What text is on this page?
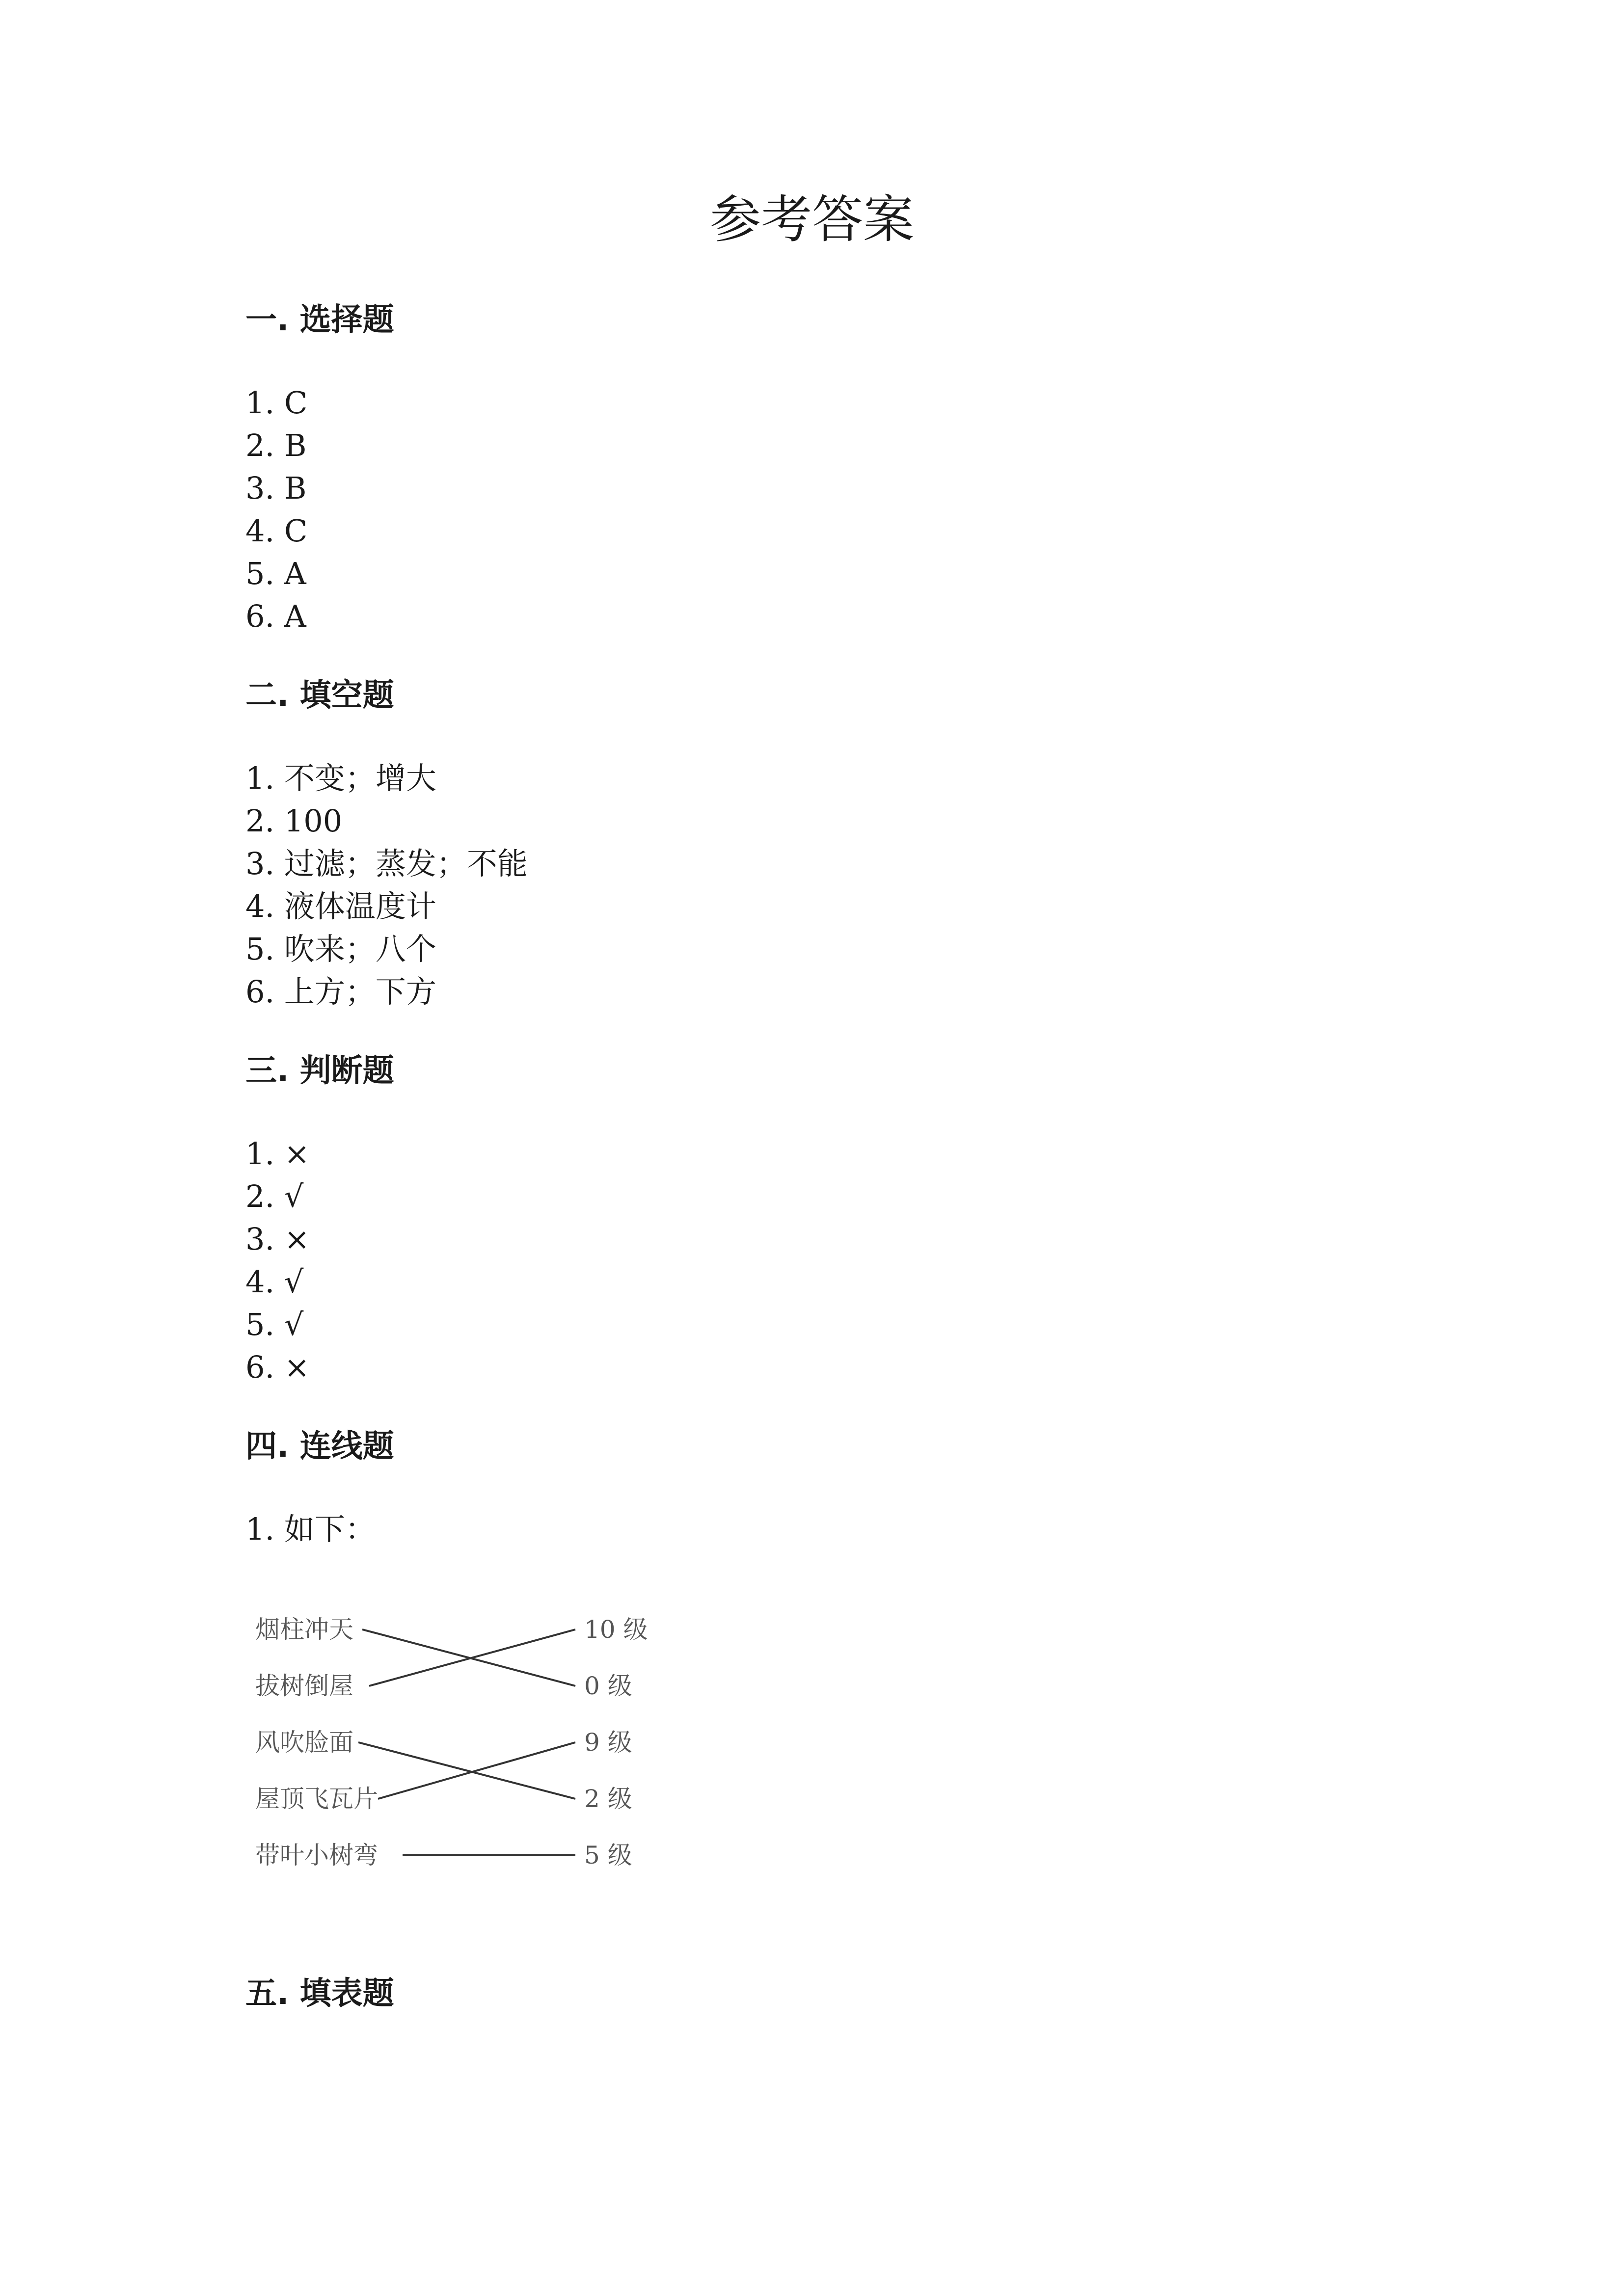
参考答案
一. 选择题
1. C
2. B
3. B
4. C
5. A
6. A
二. 填空题
1. 不变；增大
2. 100
3. 过滤；蒸发；不能
4. 液体温度计
5. 吹来；八个
6. 上方；下方
三. 判断题
1. ×
2. √
3. ×
4. √
5. √
6. ×
四. 连线题
1. 如下：
烟柱冲天
拔树倒屋
风吹脸面
屋顶飞瓦片
带叶小树弯
10 级
0 级
9 级
2 级
5 级
五. 填表题
